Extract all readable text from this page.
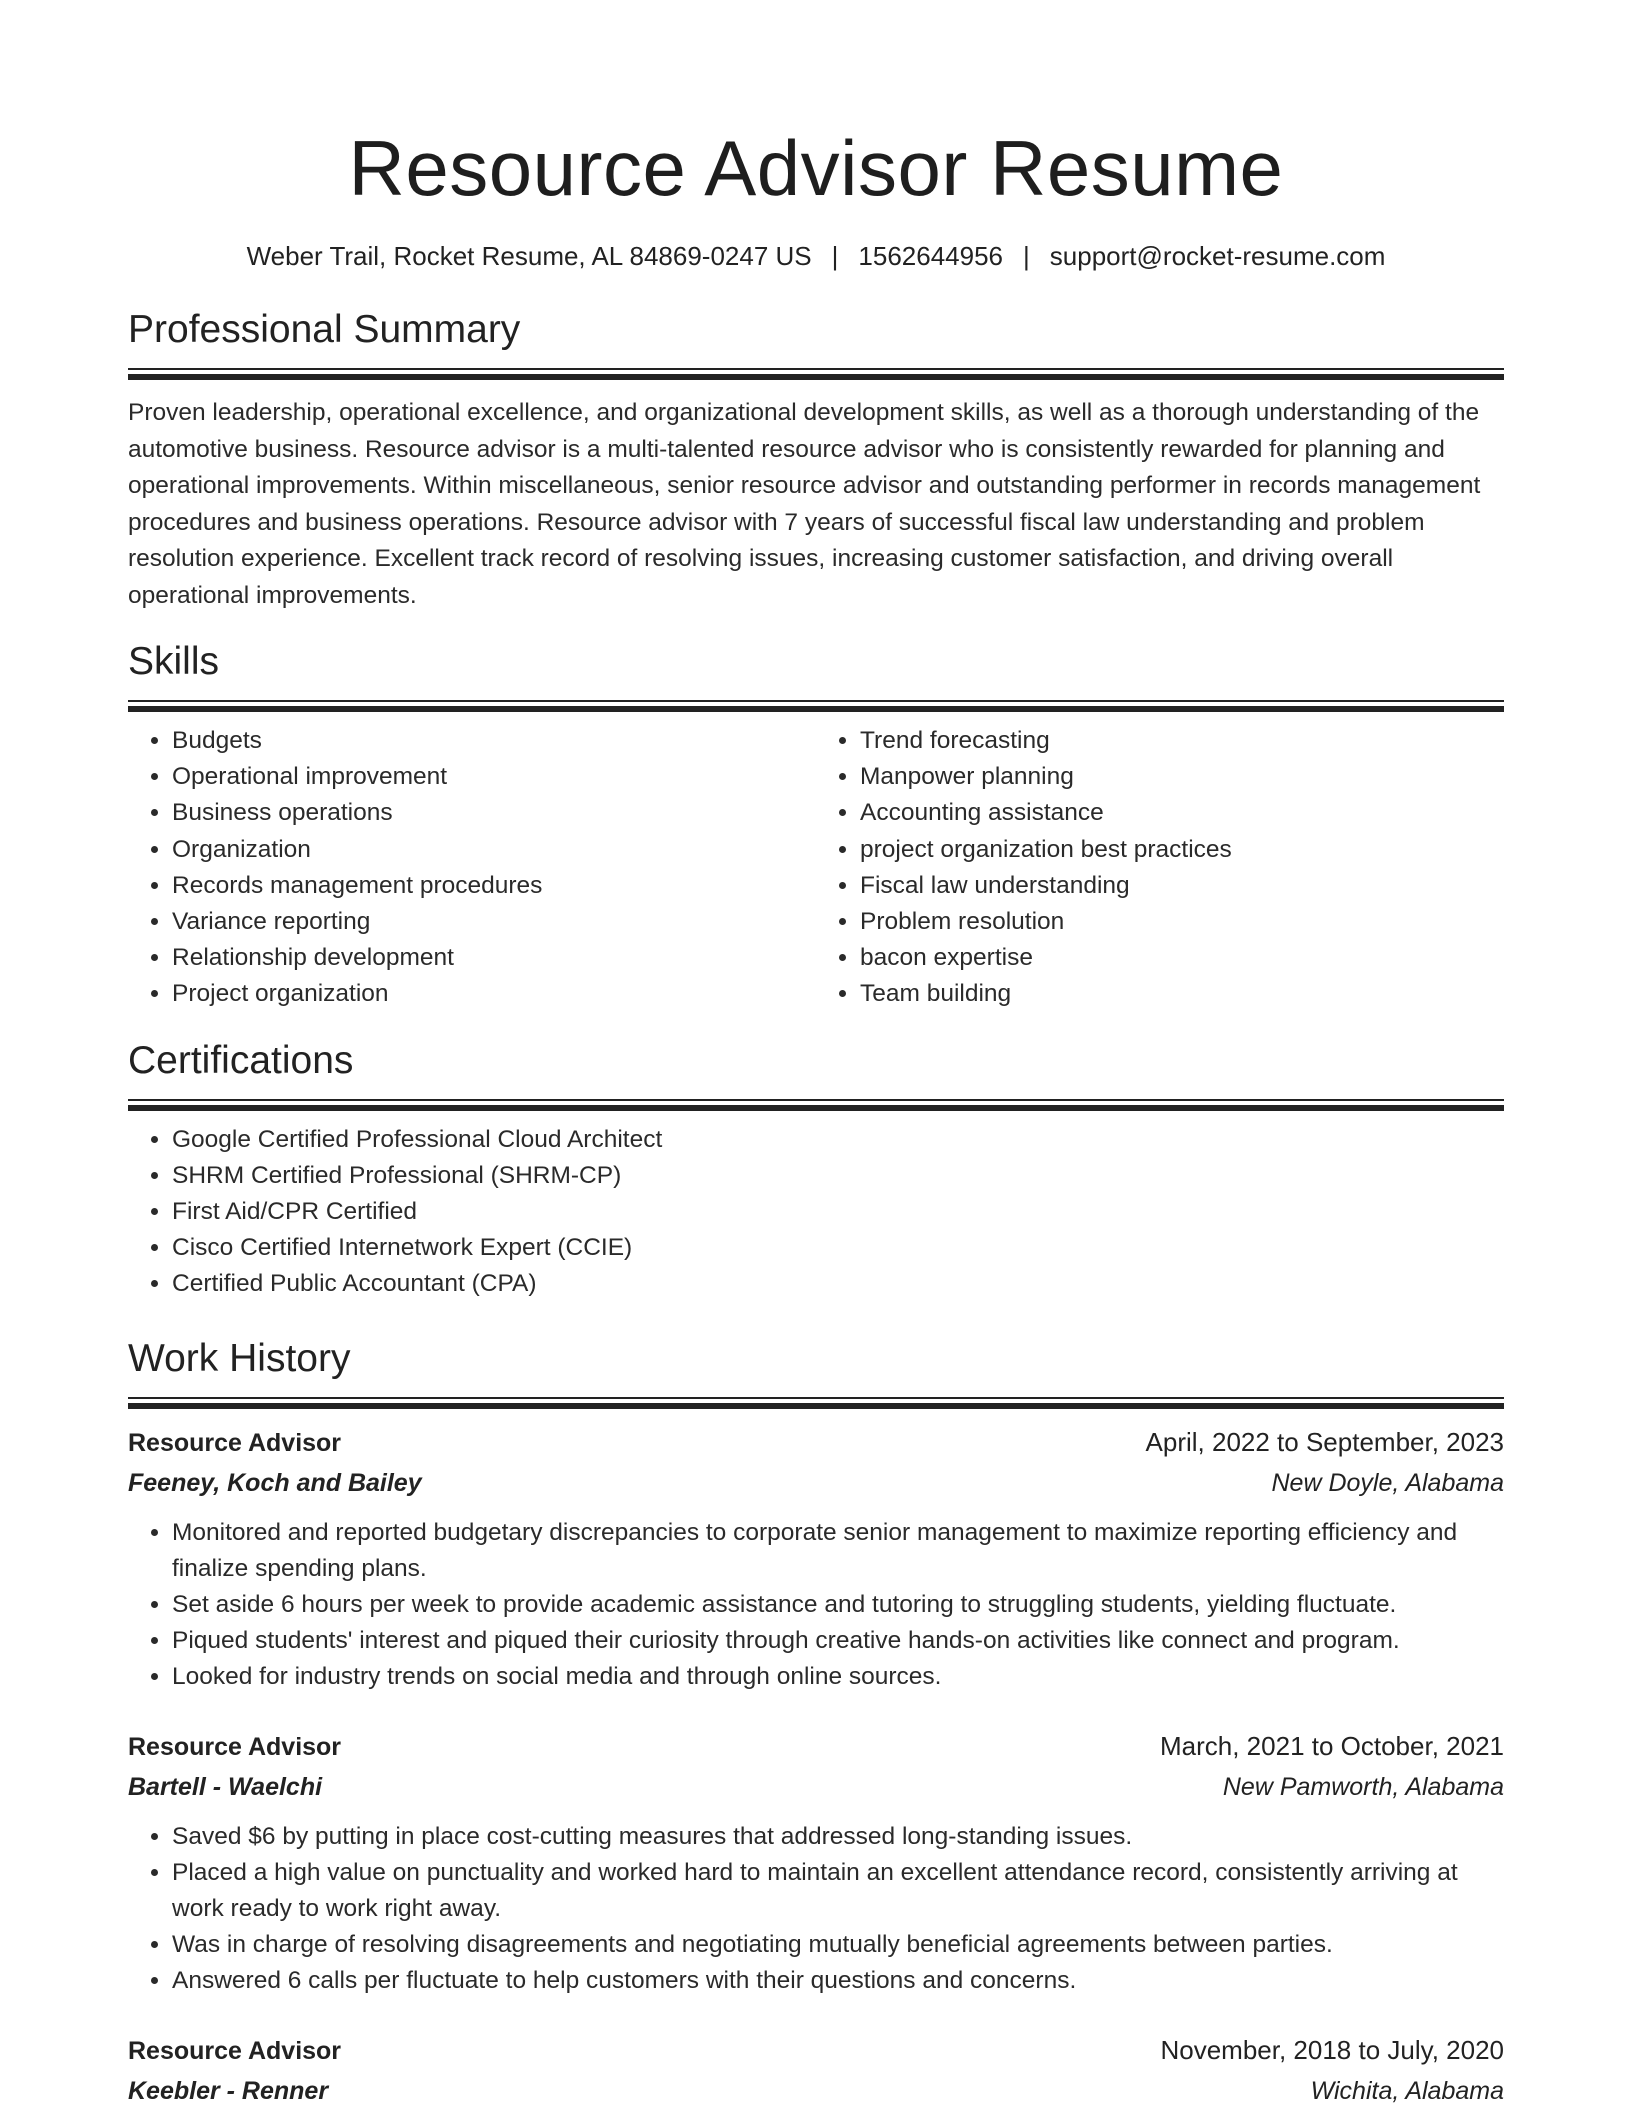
Resource Advisor Resume
Weber Trail, Rocket Resume, AL 84869-0247 US | 1562644956 | support@rocket-resume.com
Professional Summary

Proven leadership, operational excellence, and organizational development skills, as well as a thorough understanding of the automotive business. Resource advisor is a multi-talented resource advisor who is consistently rewarded for planning and operational improvements. Within miscellaneous, senior resource advisor and outstanding performer in records management procedures and business operations. Resource advisor with 7 years of successful fiscal law understanding and problem resolution experience. Excellent track record of resolving issues, increasing customer satisfaction, and driving overall operational improvements.

Skills
• Budgets
• Operational improvement
• Business operations
• Organization
• Records management procedures
• Variance reporting
• Relationship development
• Project organization
• Trend forecasting
• Manpower planning
• Accounting assistance
• project organization best practices
• Fiscal law understanding
• Problem resolution
• bacon expertise
• Team building
Certifications
• Google Certified Professional Cloud Architect
• SHRM Certified Professional (SHRM-CP)
• First Aid/CPR Certified
• Cisco Certified Internetwork Expert (CCIE)
• Certified Public Accountant (CPA)
Work History
Resource Advisor	April, 2022 to September, 2023
Feeney, Koch and Bailey	New Doyle, Alabama
• Monitored and reported budgetary discrepancies to corporate senior management to maximize reporting efficiency and finalize spending plans.
• Set aside 6 hours per week to provide academic assistance and tutoring to struggling students, yielding fluctuate.
• Piqued students' interest and piqued their curiosity through creative hands-on activities like connect and program.
• Looked for industry trends on social media and through online sources.
Resource Advisor	March, 2021 to October, 2021
Bartell - Waelchi	New Pamworth, Alabama
• Saved $6 by putting in place cost-cutting measures that addressed long-standing issues.
• Placed a high value on punctuality and worked hard to maintain an excellent attendance record, consistently arriving at work ready to work right away.
• Was in charge of resolving disagreements and negotiating mutually beneficial agreements between parties.
• Answered 6 calls per fluctuate to help customers with their questions and concerns.
Resource Advisor	November, 2018 to July, 2020
Keebler - Renner	Wichita, Alabama
